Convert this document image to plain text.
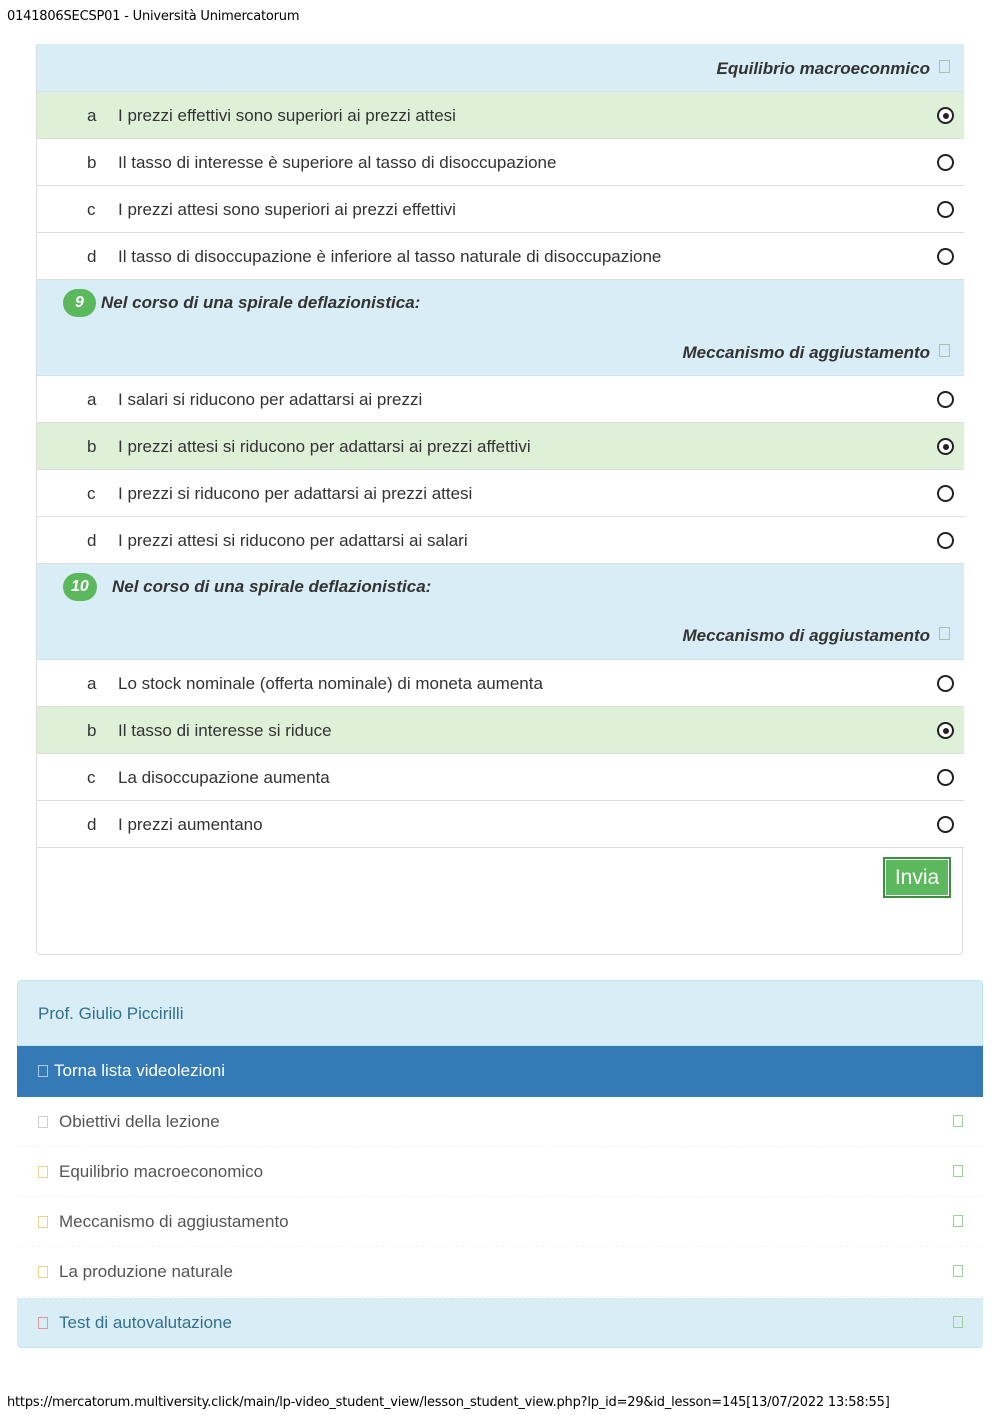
0141806SECSP01 - Università Unimercatorum
Equilibrio macroeconmico
a I prezzi effettivi sono superiori ai prezzi attesi
b Il tasso di interesse è superiore al tasso di disoccupazione
c I prezzi attesi sono superiori ai prezzi effettivi
d Il tasso di disoccupazione è inferiore al tasso naturale di disoccupazione
9	Nel corso di una spirale deflazionistica:
Meccanismo di aggiustamento
a I salari si riducono per adattarsi ai prezzi
b I prezzi attesi si riducono per adattarsi ai prezzi affettivi
c I prezzi si riducono per adattarsi ai prezzi attesi
d I prezzi attesi si riducono per adattarsi ai salari
10	Nel corso di una spirale deflazionistica:
Meccanismo di aggiustamento
a Lo stock nominale (offerta nominale) di moneta aumenta
b Il tasso di interesse si riduce
c La disoccupazione aumenta
d I prezzi aumentano
Invia
Prof. Giulio Piccirilli
Torna lista videolezioni
Obiettivi della lezione
Equilibrio macroeconomico
Meccanismo di aggiustamento
La produzione naturale
Test di autovalutazione
https://mercatorum.multiversity.click/main/lp-video_student_view/lesson_student_view.php?lp_id=29&id_lesson=145[13/07/2022 13:58:55]
